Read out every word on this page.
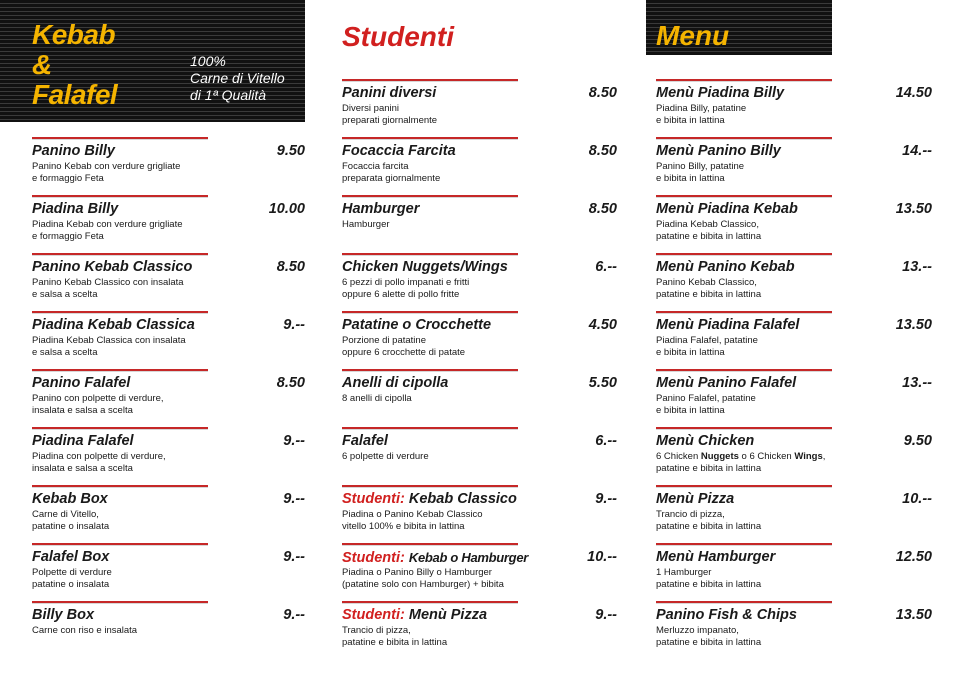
Kebab
&
Falafel
100%
Carne di Vitello
di 1ª Qualità
Studenti	Menu
Panino Billy	9.50
Panino Kebab con verdure grigliate
e formaggio Feta
Piadina Billy	10.00
Piadina Kebab con verdure grigliate
e formaggio Feta
Panino Kebab Classico	8.50
Panino Kebab Classico con insalata
e salsa a scelta
Piadina Kebab Classica	9.--
Piadina Kebab Classica con insalata
e salsa a scelta
Panino Falafel	8.50
Panino con polpette di verdure,
insalata e salsa a scelta
Piadina Falafel	9.--
Piadina con polpette di verdure,
insalata e salsa a scelta
Kebab Box	9.--
Carne di Vitello,
patatine o insalata
Falafel Box	9.--
Polpette di verdure
patatine o insalata
Billy Box	9.--
Carne con riso e insalata
Panini diversi	8.50
Diversi panini
preparati giornalmente
Focaccia Farcita	8.50
Focaccia farcita
preparata giornalmente
Hamburger	8.50
Hamburger
Chicken Nuggets/Wings	6.--
6 pezzi di pollo impanati e fritti
oppure 6 alette di pollo fritte
Patatine o Crocchette	4.50
Porzione di patatine
oppure 6 crocchette di patate
Anelli di cipolla	5.50
8 anelli di cipolla
Falafel	6.--
6 polpette di verdure
Studenti: Kebab Classico	9.--
Piadina o Panino Kebab Classico
vitello 100% e bibita in lattina
Studenti: Kebab o Hamburger	10.--
Piadina o Panino Billy o Hamburger
(patatine solo con Hamburger) + bibita
Studenti: Menù Pizza	9.--
Trancio di pizza,
patatine e bibita in lattina
Menù Piadina Billy	14.50
Piadina Billy, patatine
e bibita in lattina
Menù Panino Billy	14.--
Panino Billy, patatine
e bibita in lattina
Menù Piadina Kebab	13.50
Piadina Kebab Classico,
patatine e bibita in lattina
Menù Panino Kebab	13.--
Panino Kebab Classico,
patatine e bibita in lattina
Menù Piadina Falafel	13.50
Piadina Falafel, patatine
e bibita in lattina
Menù Panino Falafel	13.--
Panino Falafel, patatine
e bibita in lattina
Menù Chicken	9.50
6 Chicken Nuggets o 6 Chicken Wings,
patatine e bibita in lattina
Menù Pizza	10.--
Trancio di pizza,
patatine e bibita in lattina
Menù Hamburger	12.50
1 Hamburger
patatine e bibita in lattina
Panino Fish & Chips	13.50
Merluzzo impanato,
patatine e bibita in lattina
